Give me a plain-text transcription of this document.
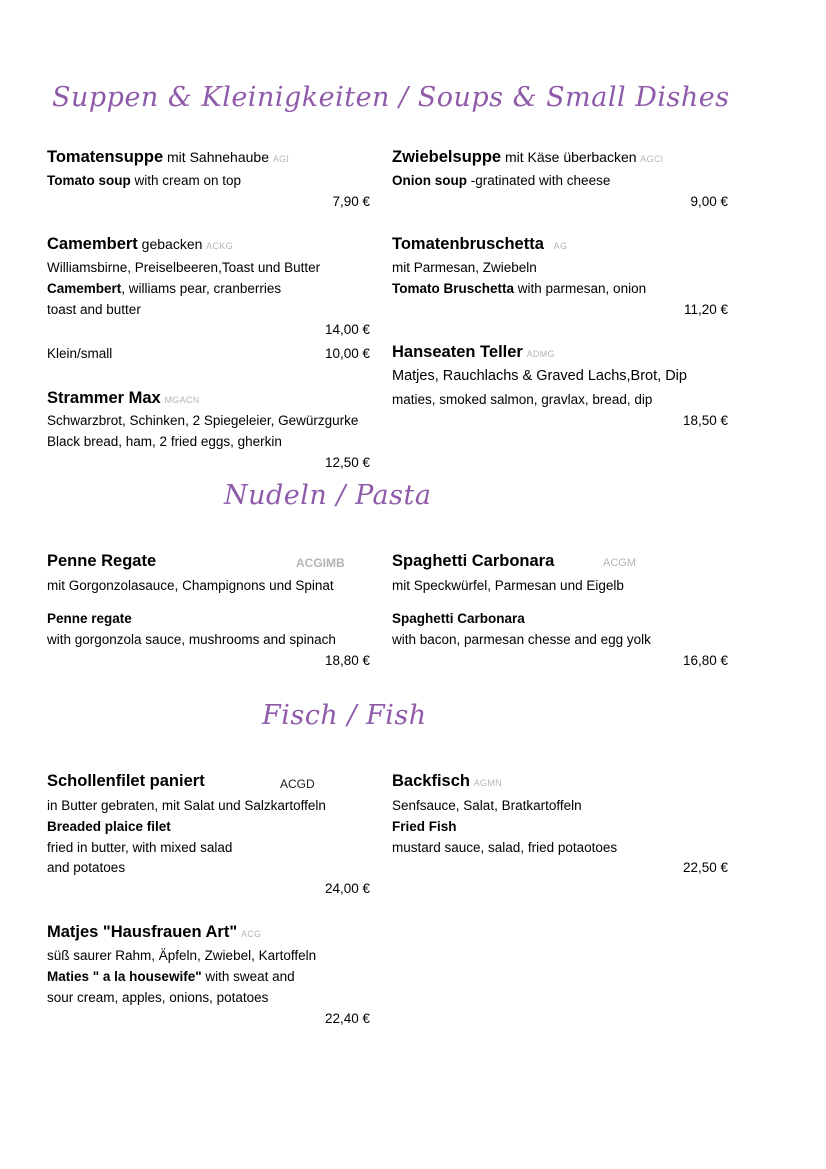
Suppen & Kleinigkeiten / Soups & Small Dishes
Tomatensuppe mit Sahnehaube AGI
Tomato soup with cream on top
7,90 €
Zwiebelsuppe mit Käse überbacken AGCI
Onion soup -gratinated with cheese
9,00 €
Camembert gebacken ACKG
Williamsbirne, Preiselbeeren,Toast und Butter
Camembert, williams pear, cranberries
toast and butter
14,00 €
Klein/small	10,00 €
Tomatenbruschetta AG
mit Parmesan, Zwiebeln
Tomato Bruschetta with parmesan, onion
11,20 €
Hanseaten Teller ADMG
Matjes, Rauchlachs & Graved Lachs,Brot, Dip
maties, smoked salmon, gravlax, bread, dip
18,50 €
Strammer Max MGACN
Schwarzbrot, Schinken, 2 Spiegeleier, Gewürzgurke
Black bread, ham, 2 fried eggs, gherkin
12,50 €
Nudeln / Pasta
Penne Regate	ACGIMB
mit Gorgonzolasauce, Champignons und Spinat
Penne regate
with gorgonzola sauce, mushrooms and spinach
18,80 €
Spaghetti Carbonara	ACGM
mit Speckwürfel, Parmesan und Eigelb
Spaghetti Carbonara
with bacon, parmesan chesse and egg yolk
16,80 €
Fisch / Fish
Schollenfilet paniert	ACGD
in Butter gebraten, mit Salat und Salzkartoffeln
Breaded plaice filet
fried in butter, with mixed salad
and potatoes
24,00 €
Backfisch AGMN
Senfsauce, Salat, Bratkartoffeln
Fried Fish
mustard sauce, salad, fried potaotoes
22,50 €
Matjes "Hausfrauen Art" ACG
süß saurer Rahm, Äpfeln, Zwiebel, Kartoffeln
Maties " a la housewife" with sweat and
sour cream, apples, onions, potatoes
22,40 €
